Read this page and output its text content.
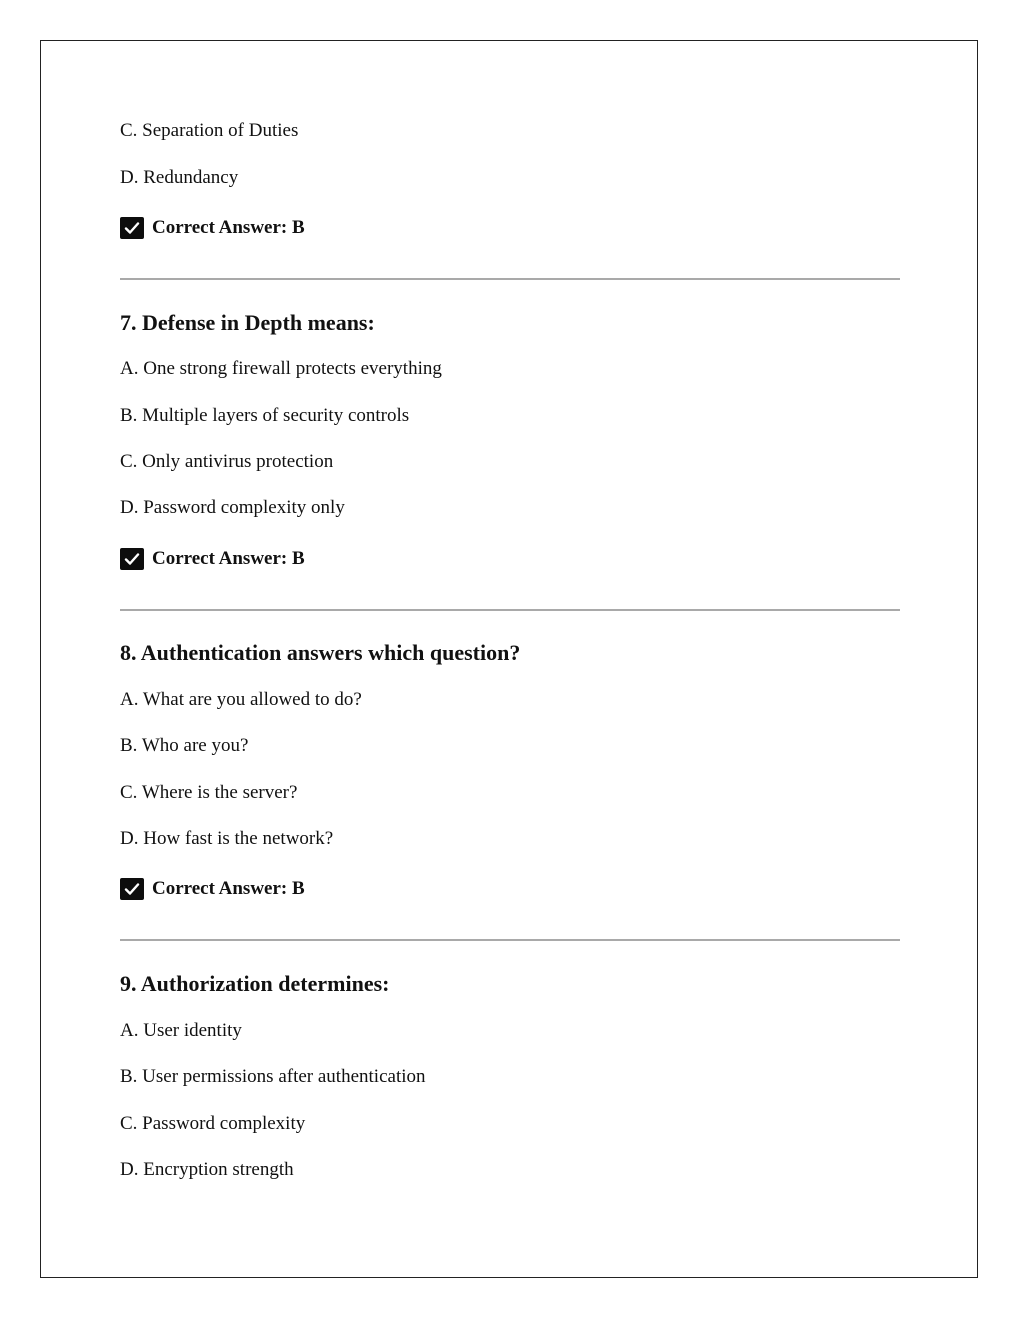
C. Separation of Duties
D. Redundancy
Correct Answer: B
7. Defense in Depth means:
A. One strong firewall protects everything
B. Multiple layers of security controls
C. Only antivirus protection
D. Password complexity only
Correct Answer: B
8. Authentication answers which question?
A. What are you allowed to do?
B. Who are you?
C. Where is the server?
D. How fast is the network?
Correct Answer: B
9. Authorization determines:
A. User identity
B. User permissions after authentication
C. Password complexity
D. Encryption strength
